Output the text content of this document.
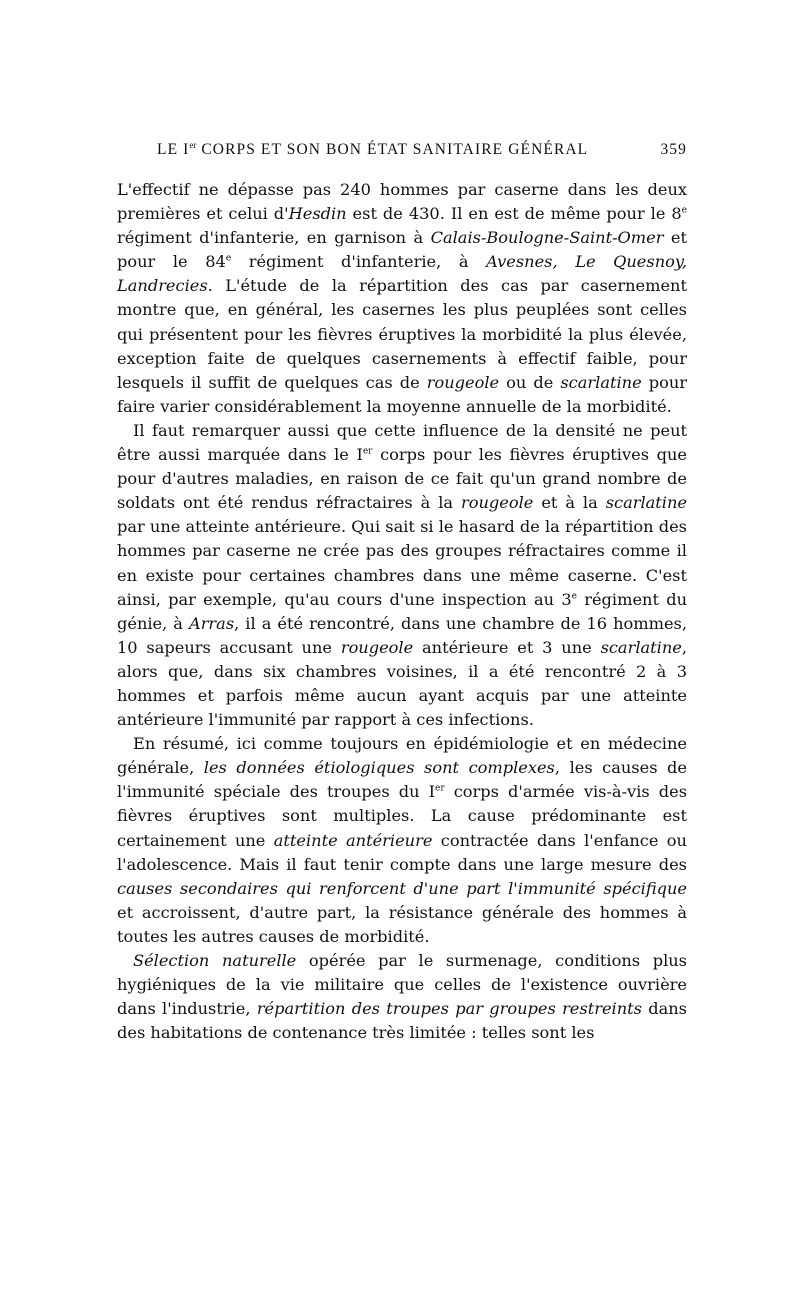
LE Ier CORPS ET SON BON ÉTAT SANITAIRE GÉNÉRAL	359

L'effectif ne dépasse pas 240 hommes par caserne dans les deux premières et celui d'Hesdin est de 430. Il en est de même pour le 8e régiment d'infanterie, en garnison à Calais-Boulogne-Saint-Omer et pour le 84e régiment d'infanterie, à Avesnes, Le Quesnoy, Landrecies. L'étude de la répartition des cas par casernement montre que, en général, les casernes les plus peuplées sont celles qui présentent pour les fièvres éruptives la morbidité la plus élevée, exception faite de quelques casernements à effectif faible, pour lesquels il suffit de quelques cas de rougeole ou de scarlatine pour faire varier considérablement la moyenne annuelle de la morbidité.

Il faut remarquer aussi que cette influence de la densité ne peut être aussi marquée dans le Ier corps pour les fièvres éruptives que pour d'autres maladies, en raison de ce fait qu'un grand nombre de soldats ont été rendus réfractaires à la rougeole et à la scarlatine par une atteinte antérieure. Qui sait si le hasard de la répartition des hommes par caserne ne crée pas des groupes réfractaires comme il en existe pour certaines chambres dans une même caserne. C'est ainsi, par exemple, qu'au cours d'une inspection au 3e régiment du génie, à Arras, il a été rencontré, dans une chambre de 16 hommes, 10 sapeurs accusant une rougeole antérieure et 3 une scarlatine, alors que, dans six chambres voisines, il a été rencontré 2 à 3 hommes et parfois même aucun ayant acquis par une atteinte antérieure l'immunité par rapport à ces infections.

En résumé, ici comme toujours en épidémiologie et en médecine générale, les données étiologiques sont complexes, les causes de l'immunité spéciale des troupes du Ier corps d'armée vis-à-vis des fièvres éruptives sont multiples. La cause prédominante est certainement une atteinte antérieure contractée dans l'enfance ou l'adolescence. Mais il faut tenir compte dans une large mesure des causes secondaires qui renforcent d'une part l'immunité spécifique et accroissent, d'autre part, la résistance générale des hommes à toutes les autres causes de morbidité.

Sélection naturelle opérée par le surmenage, conditions plus hygiéniques de la vie militaire que celles de l'existence ouvrière dans l'industrie, répartition des troupes par groupes restreints dans des habitations de contenance très limitée : telles sont les
